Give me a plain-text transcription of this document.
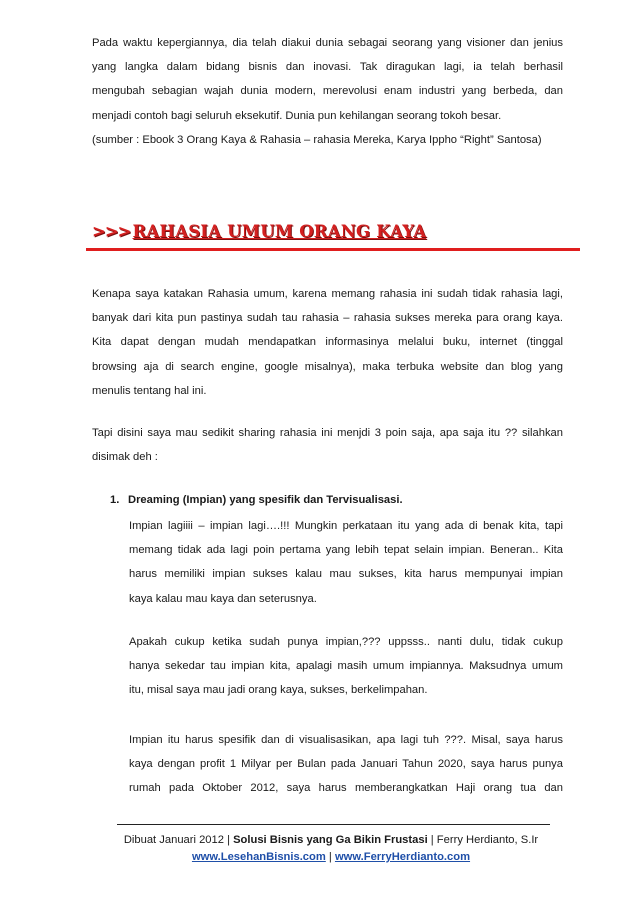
Pada waktu kepergiannya, dia telah diakui dunia sebagai seorang yang visioner dan jenius
yang langka dalam bidang bisnis dan inovasi. Tak diragukan lagi, ia telah berhasil
mengubah sebagian wajah dunia modern, merevolusi enam industri yang berbeda, dan
menjadi contoh bagi seluruh eksekutif. Dunia pun kehilangan seorang tokoh besar.
(sumber : Ebook 3 Orang Kaya & Rahasia – rahasia Mereka, Karya Ippho “Right” Santosa)
>>> RAHASIA UMUM ORANG KAYA
Kenapa saya katakan Rahasia umum, karena memang rahasia ini sudah tidak rahasia lagi,
banyak dari kita pun pastinya sudah tau rahasia – rahasia sukses mereka para orang kaya.
Kita dapat dengan mudah mendapatkan informasinya melalui buku, internet (tinggal
browsing aja di search engine, google misalnya), maka terbuka website dan blog yang
menulis tentang hal ini.
Tapi disini saya mau sedikit sharing rahasia ini menjdi 3 poin saja, apa saja itu ?? silahkan
disimak deh :

1. Dreaming (Impian) yang spesifik dan Tervisualisasi.

Impian lagiiii – impian lagi….!!! Mungkin perkataan itu yang ada di benak kita, tapi
memang tidak ada lagi poin pertama yang lebih tepat selain impian. Beneran.. Kita
harus memiliki impian sukses kalau mau sukses, kita harus mempunyai impian
kaya kalau mau kaya dan seterusnya.
Apakah cukup ketika sudah punya impian,??? uppsss.. nanti dulu, tidak cukup
hanya sekedar tau impian kita, apalagi masih umum impiannya. Maksudnya umum
itu, misal saya mau jadi orang kaya, sukses, berkelimpahan.
Impian itu harus spesifik dan di visualisasikan, apa lagi tuh ???. Misal, saya harus
kaya dengan profit 1 Milyar per Bulan pada Januari Tahun 2020, saya harus punya
rumah pada Oktober 2012, saya harus memberangkatkan Haji orang tua dan
Dibuat Januari 2012 | Solusi Bisnis yang Ga Bikin Frustasi | Ferry Herdianto, S.Ir
www.LesehanBisnis.com | www.FerryHerdianto.com
